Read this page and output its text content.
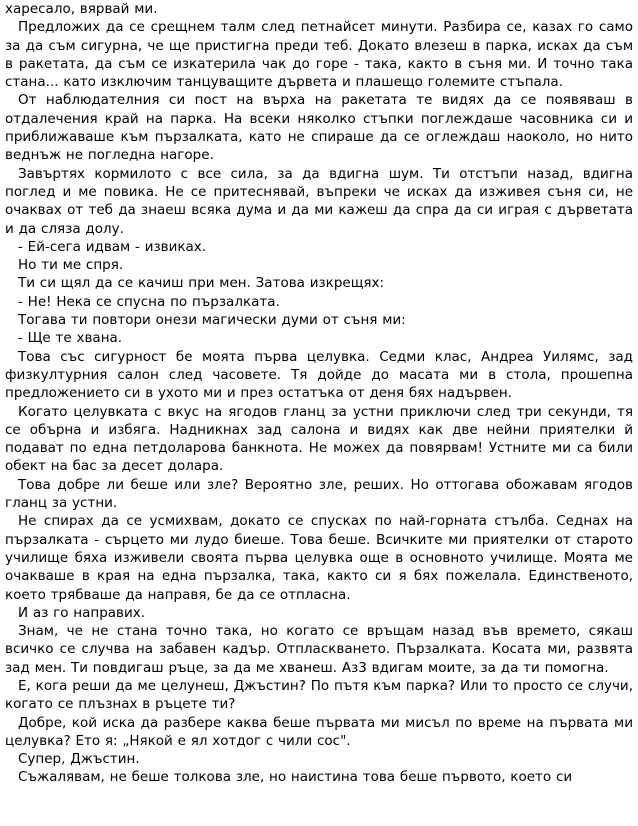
харесало, вярвай ми.

Предложих да се срещнем талм след петнайсет минути. Разбира се, казах го само за да съм сигурна, че ще пристигна преди теб. Докато влезеш в парка, исках да съм в ракетата, да съм се изкатерила чак до горе - така, както в съня ми. И точно така стана... като изключим танцуващите дървета и плашещо големите стъпала.

От наблюдателния си пост на върха на ракетата те видях да се появяваш в отдалечения край на парка. На всеки няколко стъпки поглеждаше часовника си и приближаваше към пързалката, като не спираше да се оглеждаш наоколо, но нито веднъж не погледна нагоре.

Завъртях кормилото с все сила, за да вдигна шум. Ти отстъпи назад, вдигна поглед и ме повика. Не се притеснявай, въпреки че исках да изживея съня си, не очаквах от теб да знаеш всяка дума и да ми кажеш да спра да си играя с дърветата и да сляза долу.

- Ей-сега идвам - извиках.

Но ти ме спря.

Ти си щял да се качиш при мен. Затова изкрещях:

- Не! Нека се спусна по пързалката.

Тогава ти повтори онези магически думи от съня ми:

- Ще те хвана.

Това със сигурност бе моята първа целувка. Седми клас, Андреа Уилямс, зад физкултурния салон след часовете. Тя дойде до масата ми в стола, прошепна предложението си в ухото ми и през остатъка от деня бях надървен.

Когато целувката с вкус на ягодов гланц за устни приключи след три секунди, тя се обърна и избяга. Надникнах зад салона и видях как две нейни приятелки й подават по една петдоларова банкнота. Не можех да повярвам! Устните ми са били обект на бас за десет долара.

Това добре ли беше или зле? Вероятно зле, реших. Но оттогава обожавам ягодов гланц за устни.

Не спирах да се усмихвам, докато се спусках по най-горната стълба. Седнах на пързалката - сърцето ми лудо биеше. Това беше. Всичките ми приятелки от старото училище бяха изживели своята първа целувка още в основното училище. Моята ме очакваше в края на една пързалка, така, както си я бях пожелала. Единственото, което трябваше да направя, бе да се отпласна.

И аз го направих.

Знам, че не стана точно така, но когато се връщам назад във времето, сякаш всичко се случва на забавен кадър. Отпласкването. Пързалката. Косата ми, развята зад мен. Ти повдигаш ръце, за да ме хванеш. Аз3 вдигам моите, за да ти помогна.

Е, кога реши да ме целунеш, Джъстин? По пътя към парка? Или то просто се случи, когато се плъзнах в ръцете ти?

Добре, кой иска да разбере каква беше първата ми мисъл по време на първата ми целувка? Ето я: „Някой е ял хотдог с чили сос".

Супер, Джъстин.

Съжалявам, не беше толкова зле, но наистина това беше първото, което си
